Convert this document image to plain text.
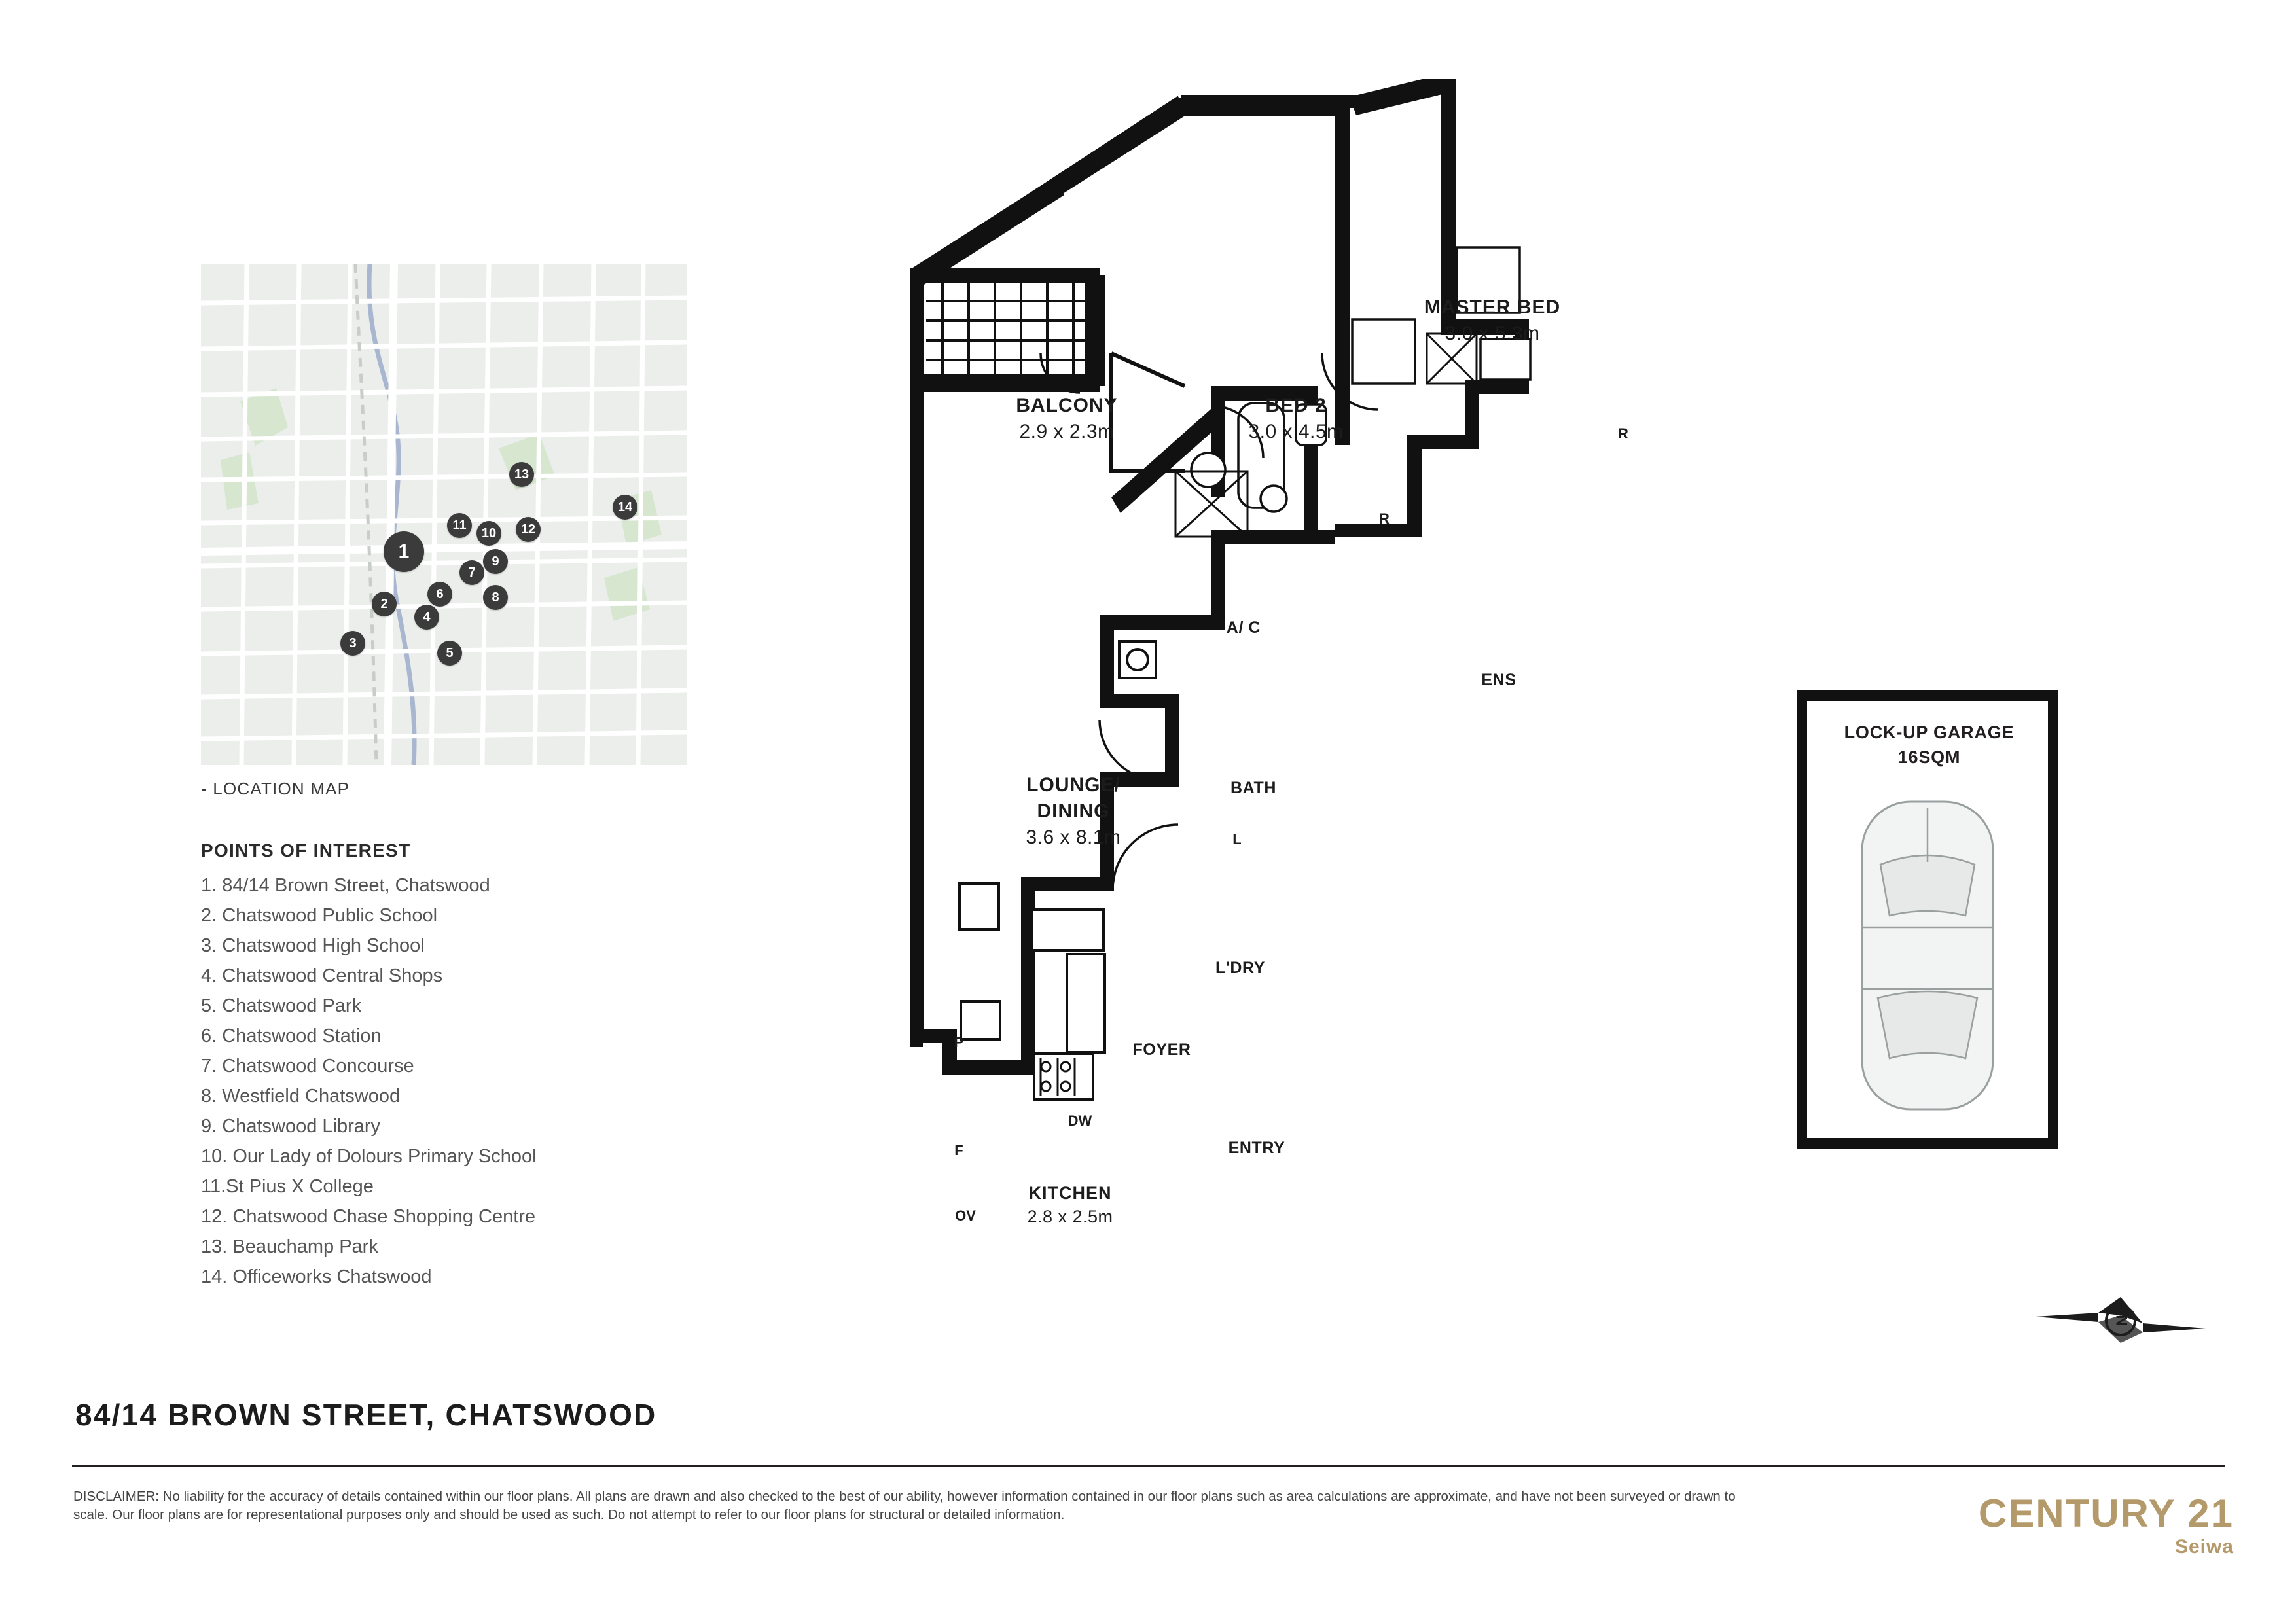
1
2
3
4
5
6
7
8
9
10
11	12
13
14
- LOCATION MAP
POINTS OF INTEREST
1. 84/14 Brown Street, Chatswood
2. Chatswood Public School
3. Chatswood High School
4. Chatswood Central Shops
5. Chatswood Park
6. Chatswood Station
7. Chatswood Concourse
8. Westfield Chatswood
9. Chatswood Library
10. Our Lady of Dolours Primary School
11.St Pius X College
12. Chatswood Chase Shopping Centre
13. Beauchamp Park
14. Officeworks Chatswood
BALCONY
2.9 x 2.3m
BED 2
3.0 x 4.5m
MASTER BED
3.0 x 5.3m
LOUNGE/
DINING
3.6 x 8.1m
KITCHEN
2.8 x 2.5m
BATH
ENS
A/ C
L'DRY
FOYER
ENTRY
R
R
L
P
F
OV
DW
LOCK-UP GARAGE
16SQM
N
84/14 BROWN STREET, CHATSWOOD
DISCLAIMER: No liability for the accuracy of details contained within our floor plans. All plans are drawn and also checked to the best of our ability, however information contained in our floor plans such as area calculations are approximate, and have not been surveyed or drawn to scale. Our floor plans are for representational purposes only and should be used as such. Do not attempt to refer to our floor plans for structural or detailed information.	CENTURY 21
Seiwa
